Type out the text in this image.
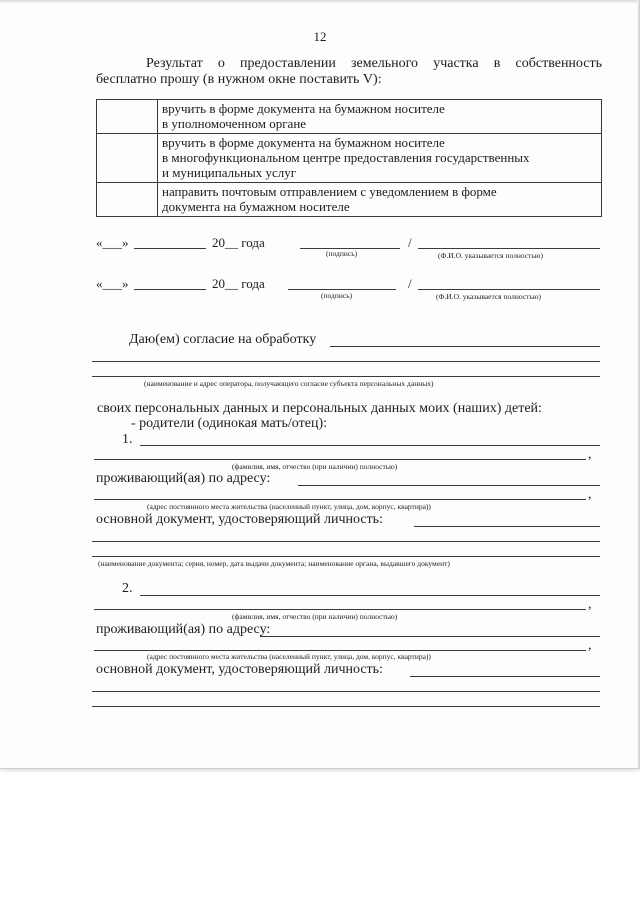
12
Результат о предоставлении земельного участка в собственность
бесплатно прошу (в нужном окне поставить V):
	вручить в форме документа на бумажном носителе
в уполномоченном органе
	вручить в форме документа на бумажном носителе
в многофункциональном центре предоставления государственных
и муниципальных услуг
	направить почтовым отправлением с уведомлением в форме
документа на бумажном носителе
«___»	20__ года	/
(подпись)	(Ф.И.О. указывается полностью)
«___»	20__ года	/
(подпись)	(Ф.И.О. указывается полностью)
Даю(ем) согласие на обработку
(наименование и адрес оператора, получающего согласие субъекта персональных данных)
своих персональных данных и персональных данных моих (наших) детей:
- родители (одинокая мать/отец):
1.
,
(фамилия, имя, отчество (при наличии) полностью)
проживающий(ая) по адресу:
,
(адрес постоянного места жительства (населенный пункт, улица, дом, корпус, квартира))
основной документ, удостоверяющий личность:
(наименование документа; серия, номер, дата выдачи документа; наименование органа, выдавшего документ)
2.
,
(фамилия, имя, отчество (при наличии) полностью)
проживающий(ая) по адресу:
,
(адрес постоянного места жительства (населенный пункт, улица, дом, корпус, квартира))
основной документ, удостоверяющий личность:
